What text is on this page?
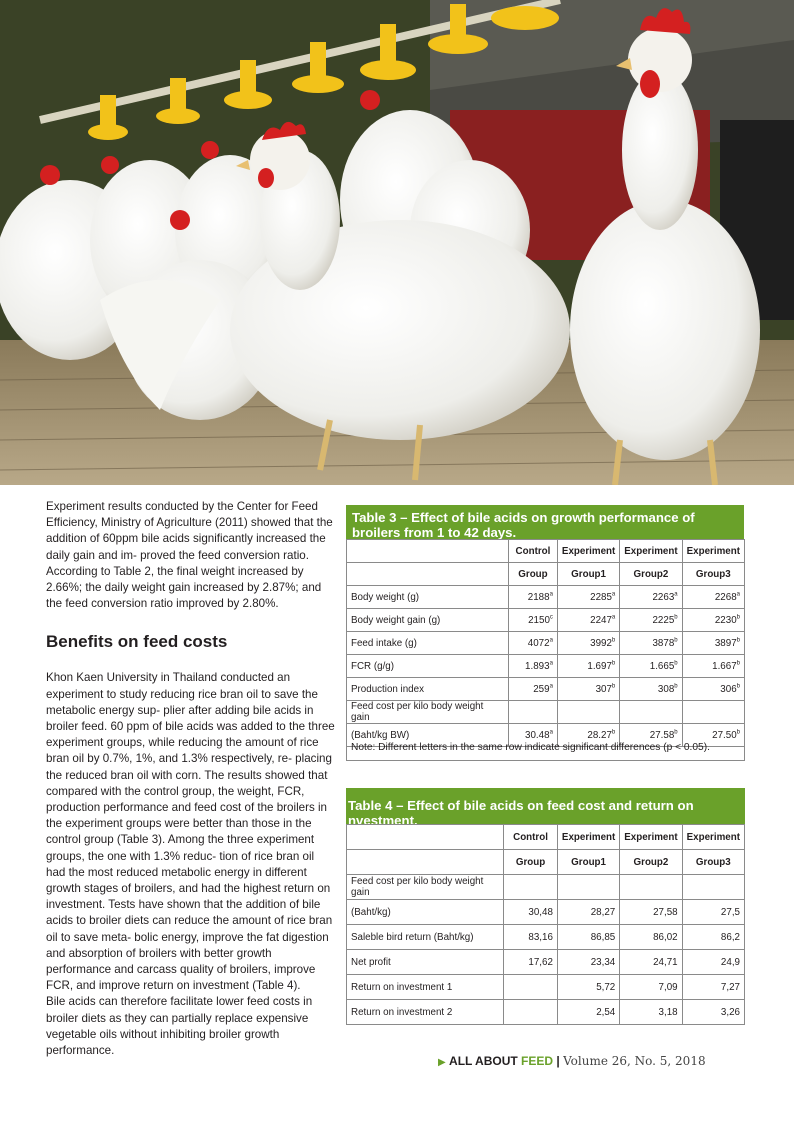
Experiment results conducted by the Center for Feed Efficiency, Ministry of Agriculture (2011) showed that the addition of 60ppm bile acids significantly increased the daily gain and im- proved the feed conversion ratio. According to Table 2, the final weight increased by 2.66%; the daily weight gain increased by 2.87%; and the feed conversion ratio improved by 2.80%.

Benefits on feed costs

Khon Kaen University in Thailand conducted an experiment to study reducing rice bran oil to save the metabolic energy sup- plier after adding bile acids in broiler feed. 60 ppm of bile acids was added to the three experiment groups, while reducing the amount of rice bran oil by 0.7%, 1%, and 1.3% respectively, re- placing the reduced bran oil with corn. The results showed that compared with the control group, the weight, FCR, production performance and feed cost of the broilers in the experiment groups were better than those in the control group (Table 3). Among the three experiment groups, the one with 1.3% reduc- tion of rice bran oil had the most reduced metabolic energy in different growth stages of broilers, and had the highest return on investment. Tests have shown that the addition of bile acids to broiler diets can reduce the amount of rice bran oil to save meta- bolic energy, improve the fat digestion and absorption of broilers with better growth performance and carcass quality of broilers, improve FCR, and improve return on investment (Table 4).

Bile acids can therefore facilitate lower feed costs in broiler diets as they can partially replace expensive vegetable oils without inhibiting broiler growth performance.

Table 3 – Effect of bile acids on growth performance of broilers from 1 to 42 days.
	Control	Experiment	Experiment	Experiment
	Group	Group1	Group2	Group3
Body weight (g)	2188$^a$	2285$^a$	2263$^a$	2268$^a$
Body weight gain (g)	2150$^c$	2247$^a$	2225$^b$	2230$^b$
Feed intake (g)	4072$^a$	3992$^b$	3878$^b$	3897$^b$
FCR (g/g)	1.893$^a$	1.697$^b$	1.665$^b$	1.667$^b$
Production index	259$^a$	307$^b$	308$^b$	306$^b$
Feed cost per kilo body weight gain				
(Baht/kg BW)	30.48$^a$	28.27$^b$	27.58$^b$	27.50$^b$
Note: Different letters in the same row indicate significant differences (p < 0.05).
Table 4 – Effect of bile acids on feed cost and return on nvestment.
	Control	Experiment	Experiment	Experiment
	Group	Group1	Group2	Group3
Feed cost per kilo body weight gain				
(Baht/kg)	30,48	28,27	27,58	27,5
Saleble bird return (Baht/kg)	83,16	86,85	86,02	86,2
Net profit	17,62	23,34	24,71	24,9
Return on investment 1		5,72	7,09	7,27
Return on investment 2		2,54	3,18	3,26
▶ ALL ABOUT FEED | Volume 26, No. 5, 2018
